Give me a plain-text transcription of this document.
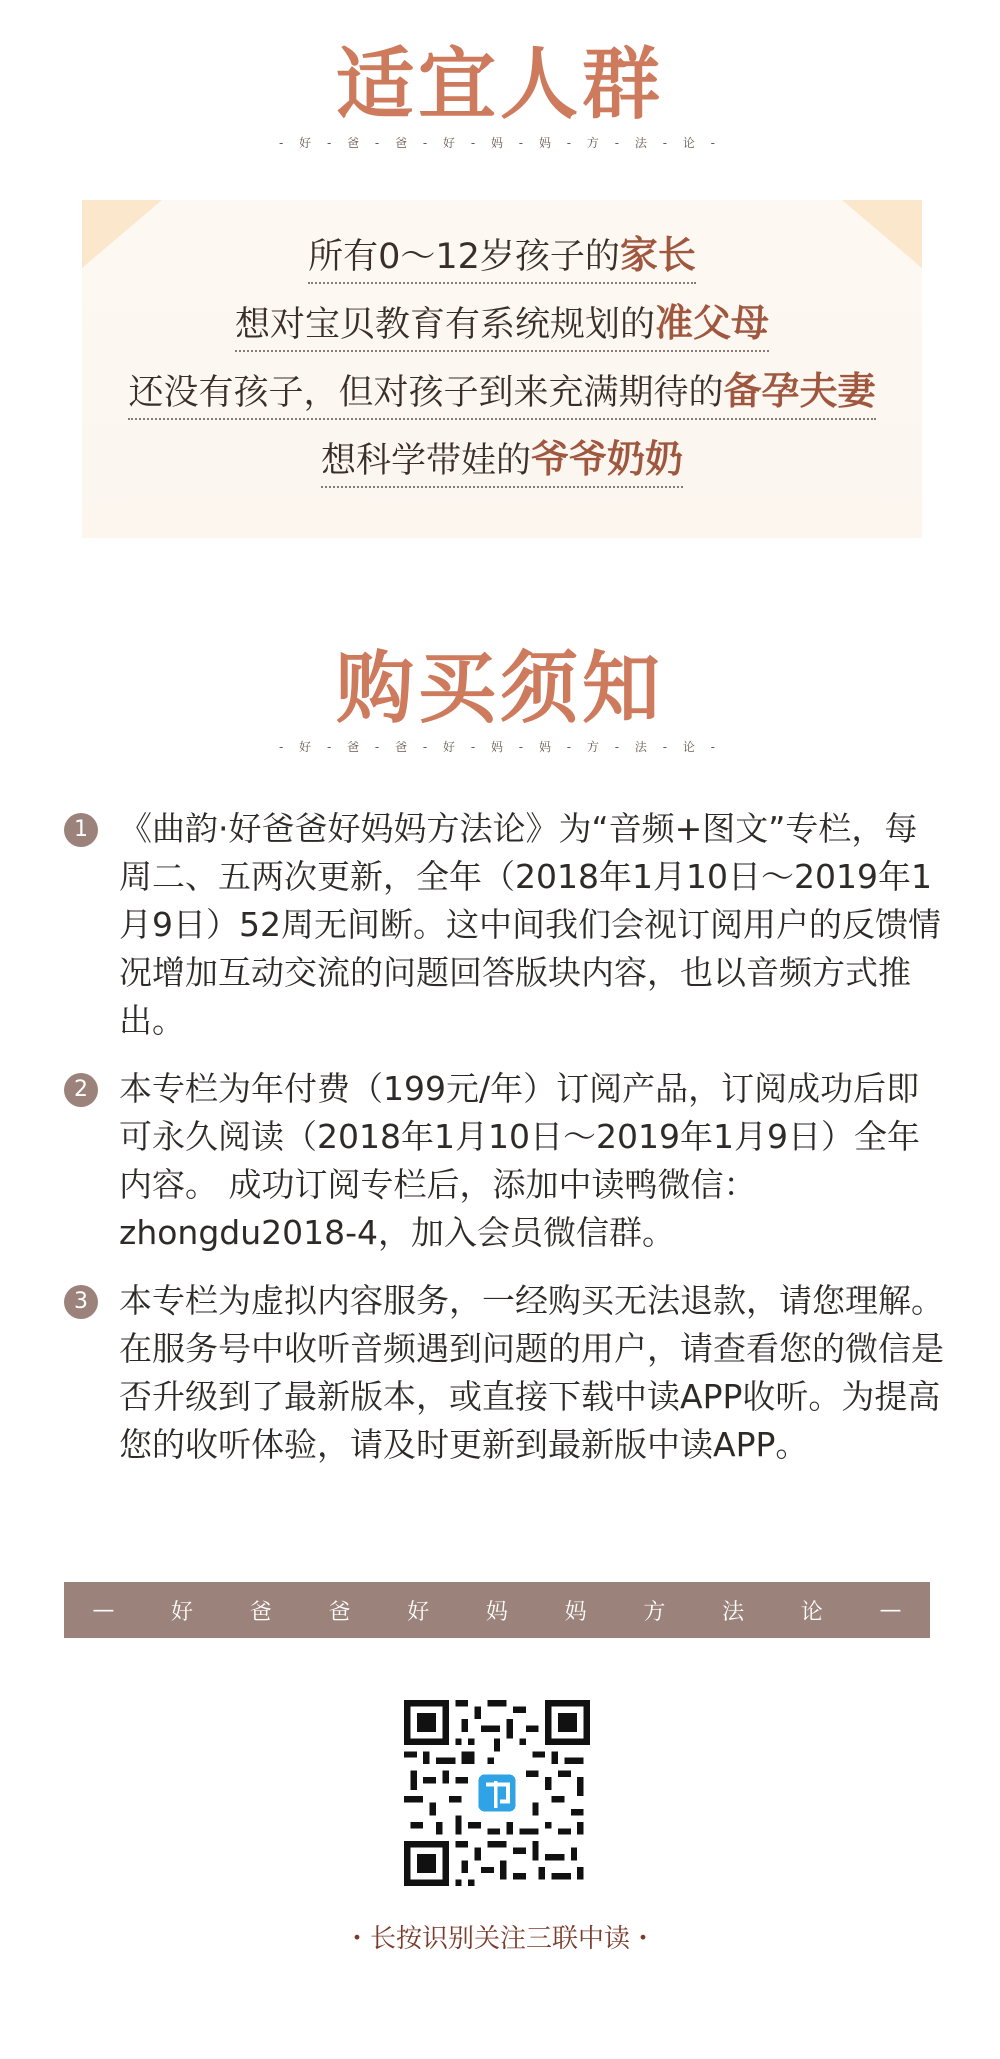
适宜人群
- 好 - 爸 - 爸 - 好 - 妈 - 妈 - 方 - 法 - 论 -
所有0～12岁孩子的家长
想对宝贝教育有系统规划的准父母
还没有孩子，但对孩子到来充满期待的备孕夫妻
想科学带娃的爷爷奶奶
购买须知
- 好 - 爸 - 爸 - 好 - 妈 - 妈 - 方 - 法 - 论 -
1 《曲韵·好爸爸好妈妈方法论》为“音频+图文”专栏，每周二、五两次更新，全年（2018年1月10日～2019年1月9日）52周无间断。这中间我们会视订阅用户的反馈情况增加互动交流的问题回答版块内容，也以音频方式推出。
2 本专栏为年付费（199元/年）订阅产品，订阅成功后即可永久阅读（2018年1月10日～2019年1月9日）全年内容。 成功订阅专栏后，添加中读鸭微信：zhongdu2018-4，加入会员微信群。
3 本专栏为虚拟内容服务，一经购买无法退款，请您理解。在服务号中收听音频遇到问题的用户，请查看您的微信是否升级到了最新版本，或直接下载中读APP收听。为提高您的收听体验，请及时更新到最新版中读APP。
—	好	爸	爸	好	妈	妈	方	法	论	—
・长按识别关注三联中读・
